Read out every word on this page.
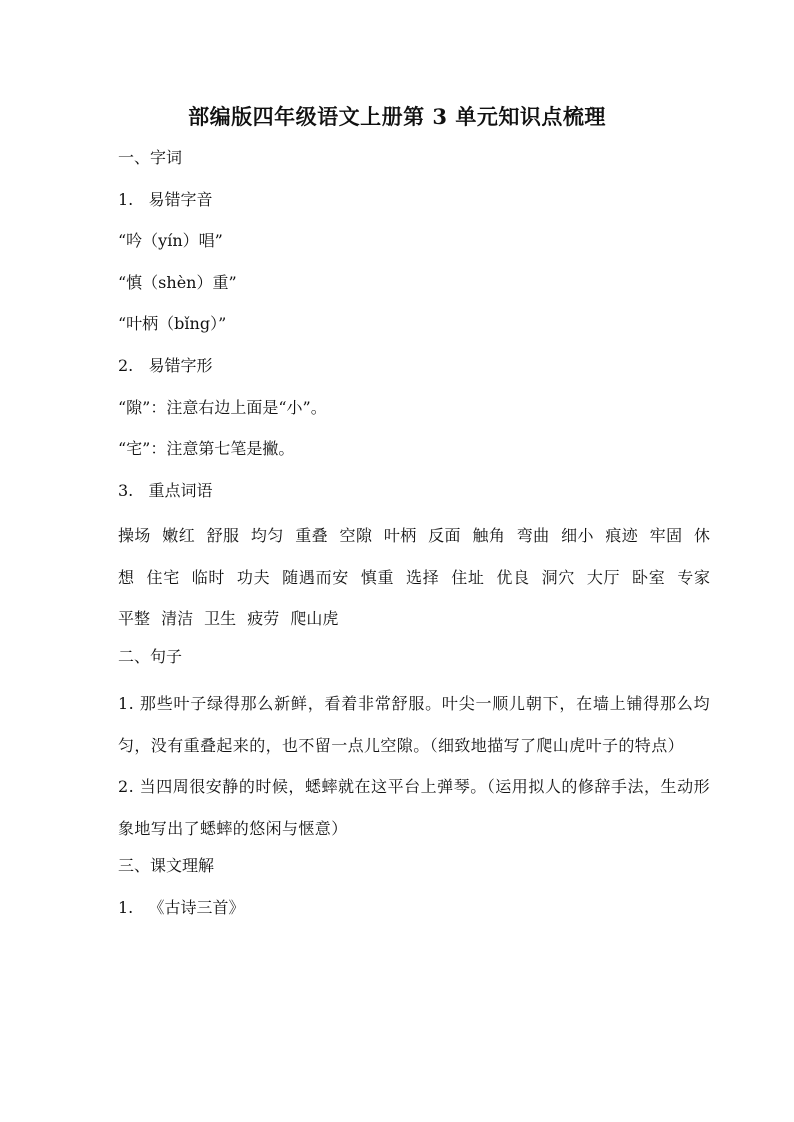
部编版四年级语文上册第 3 单元知识点梳理
一、字词
1.   易错字音
“吟（yín）唱”
“慎（shèn）重”
“叶柄（bǐng）”
2.   易错字形
“隙”：注意右边上面是“小”。
“宅”：注意第七笔是撇。
3.   重点词语
操场 嫩红 舒服 均匀 重叠 空隙 叶柄 反面 触角 弯曲 细小 痕迹 牢固 休想 住宅 临时 功夫 随遇而安 慎重 选择 住址 优良 洞穴 大厅 卧室 专家 平整 清洁 卫生 疲劳 爬山虎
二、句子
1. 那些叶子绿得那么新鲜，看着非常舒服。叶尖一顺儿朝下，在墙上铺得那么均匀，没有重叠起来的，也不留一点儿空隙。（细致地描写了爬山虎叶子的特点）
2. 当四周很安静的时候，蟋蟀就在这平台上弹琴。（运用拟人的修辞手法，生动形象地写出了蟋蟀的悠闲与惬意）
三、课文理解
1.   《古诗三首》
